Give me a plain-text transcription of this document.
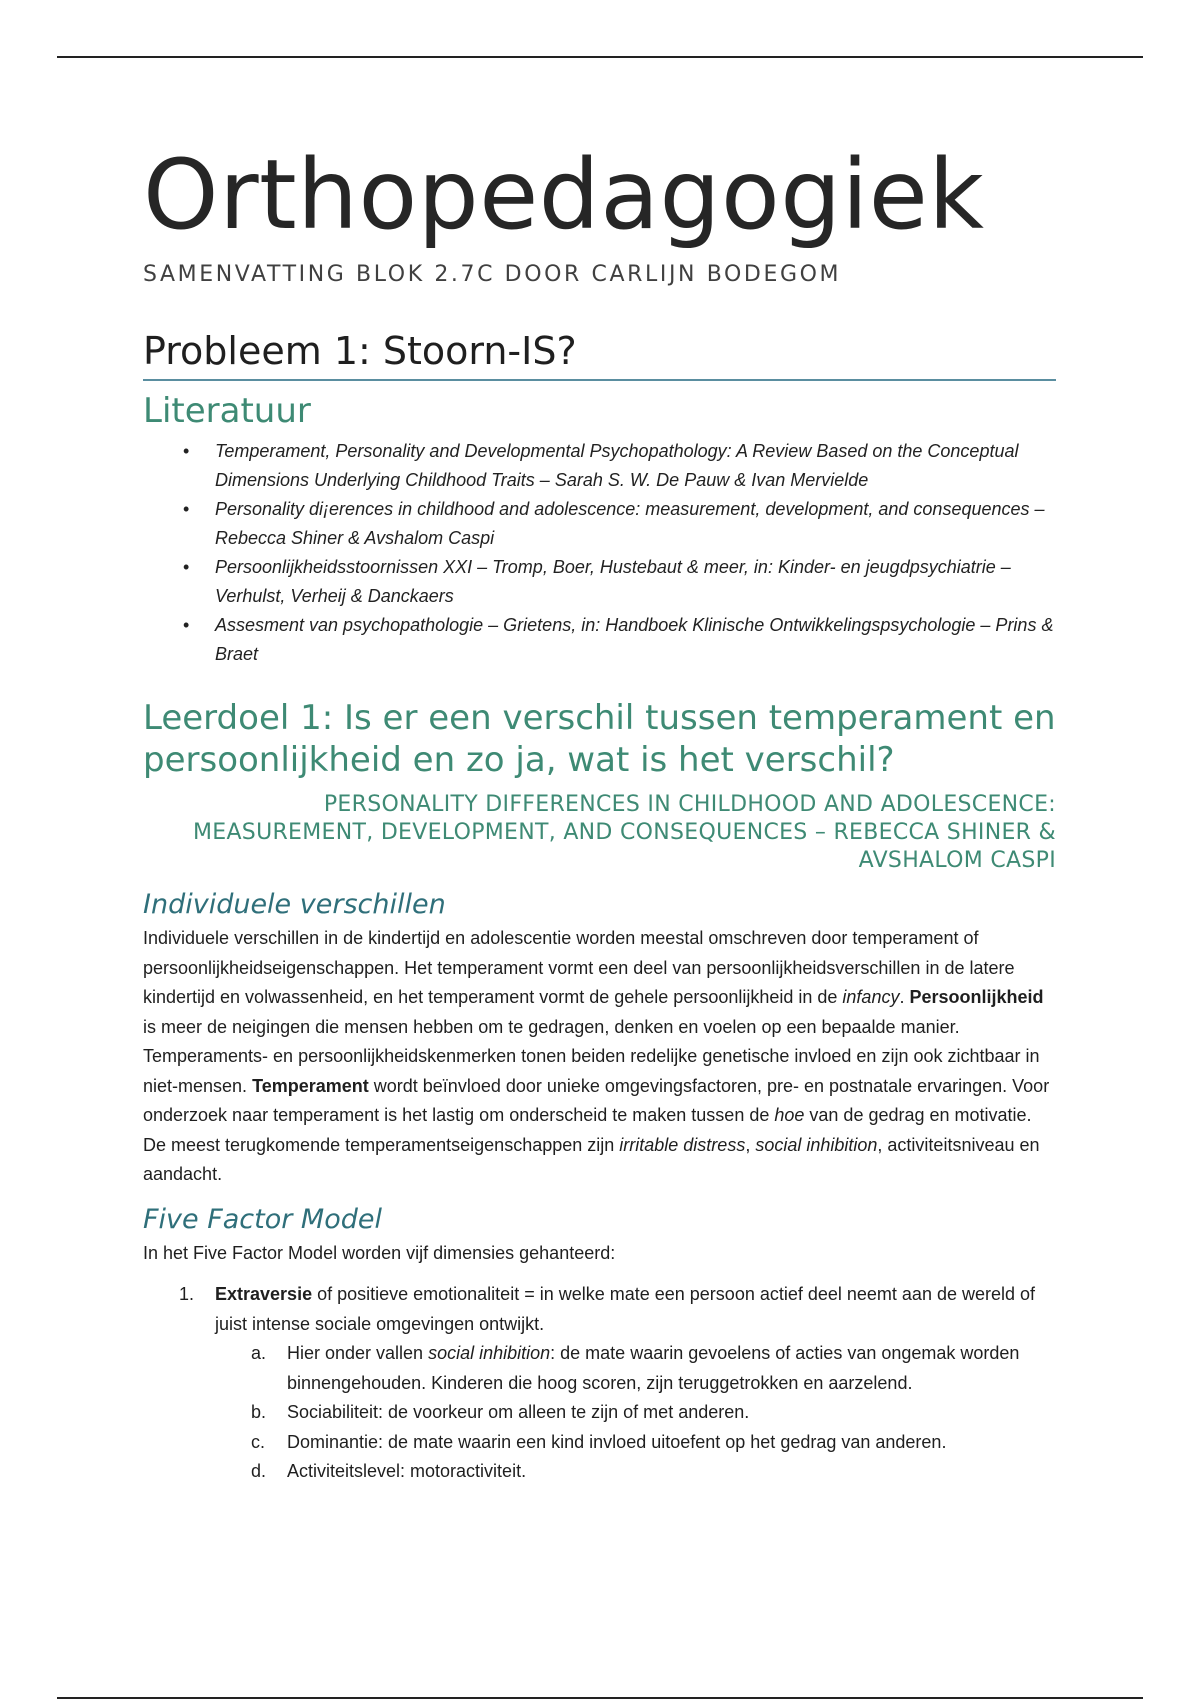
Orthopedagogiek
SAMENVATTING BLOK 2.7C DOOR CARLIJN BODEGOM
Probleem 1: Stoorn-IS?
Literatuur
• Temperament, Personality and Developmental Psychopathology: A Review Based on the Conceptual Dimensions Underlying Childhood Traits – Sarah S. W. De Pauw & Ivan Mervielde
• Personality di¡erences in childhood and adolescence: measurement, development, and consequences – Rebecca Shiner & Avshalom Caspi
• Persoonlijkheidsstoornissen XXI – Tromp, Boer, Hustebaut & meer, in: Kinder- en jeugdpsychiatrie – Verhulst, Verheij & Danckaers
• Assesment van psychopathologie – Grietens, in: Handboek Klinische Ontwikkelingspsychologie – Prins & Braet
Leerdoel 1: Is er een verschil tussen temperament en persoonlijkheid en zo ja, wat is het verschil?
PERSONALITY DIFFERENCES IN CHILDHOOD AND ADOLESCENCE: MEASUREMENT, DEVELOPMENT, AND CONSEQUENCES – REBECCA SHINER & AVSHALOM CASPI
Individuele verschillen

Individuele verschillen in de kindertijd en adolescentie worden meestal omschreven door temperament of persoonlijkheidseigenschappen. Het temperament vormt een deel van persoonlijkheidsverschillen in de latere kindertijd en volwassenheid, en het temperament vormt de gehele persoonlijkheid in de infancy. Persoonlijkheid is meer de neigingen die mensen hebben om te gedragen, denken en voelen op een bepaalde manier. Temperaments- en persoonlijkheidskenmerken tonen beiden redelijke genetische invloed en zijn ook zichtbaar in niet-mensen. Temperament wordt beïnvloed door unieke omgevingsfactoren, pre- en postnatale ervaringen. Voor onderzoek naar temperament is het lastig om onderscheid te maken tussen de hoe van de gedrag en motivatie. De meest terugkomende temperamentseigenschappen zijn irritable distress, social inhibition, activiteitsniveau en aandacht.

Five Factor Model

In het Five Factor Model worden vijf dimensies gehanteerd:

1. Extraversie of positieve emotionaliteit = in welke mate een persoon actief deel neemt aan de wereld of juist intense sociale omgevingen ontwijkt.
a. Hier onder vallen social inhibition: de mate waarin gevoelens of acties van ongemak worden binnengehouden. Kinderen die hoog scoren, zijn teruggetrokken en aarzelend.
b. Sociabiliteit: de voorkeur om alleen te zijn of met anderen.
c. Dominantie: de mate waarin een kind invloed uitoefent op het gedrag van anderen.
d. Activiteitslevel: motoractiviteit.
